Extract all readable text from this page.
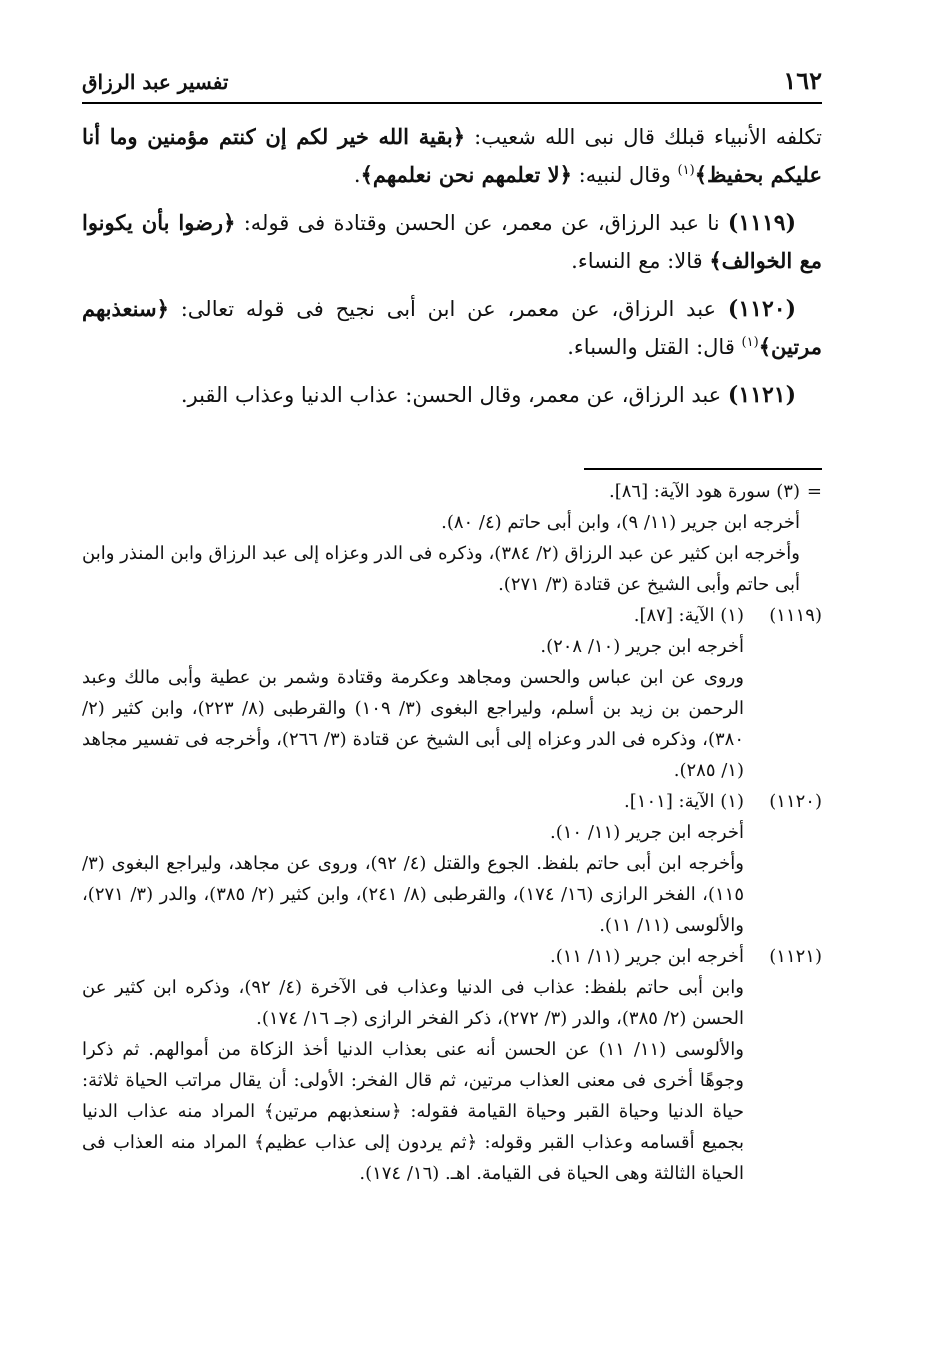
١٦٢
تفسير عبد الرزاق

تكلفه الأنبياء قبلك قال نبى الله شعيب: ﴿بقية الله خير لكم إن كنتم مؤمنين وما أنا عليكم بحفيظ﴾$^{(١)}$ وقال لنبيه: ﴿لا تعلمهم نحن نعلمهم﴾.

(١١١٩) نا عبد الرزاق، عن معمر، عن الحسن وقتادة فى قوله: ﴿رضوا بأن يكونوا مع الخوالف﴾ قالا: مع النساء.

(١١٢٠) عبد الرزاق، عن معمر، عن ابن أبى نجيح فى قوله تعالى: ﴿سنعذبهم مرتين﴾$^{(١)}$ قال: القتل والسباء.

(١١٢١) عبد الرزاق، عن معمر، وقال الحسن: عذاب الدنيا وعذاب القبر.

=
(٣) سورة هود الآية: [٨٦].
أخرجه ابن جرير (١١/ ٩)، وابن أبى حاتم (٤/ ٨٠).
وأخرجه ابن كثير عن عبد الرزاق (٢/ ٣٨٤)، وذكره فى الدر وعزاه إلى عبد الرزاق وابن المنذر وابن أبى حاتم وأبى الشيخ عن قتادة (٣/ ٢٧١).
(١١١٩)
(١) الآية: [٨٧].
أخرجه ابن جرير (١٠/ ٢٠٨).
وروى عن ابن عباس والحسن ومجاهد وعكرمة وقتادة وشمر بن عطية وأبى مالك وعبد الرحمن بن زيد بن أسلم، وليراجع البغوى (٣/ ١٠٩) والقرطبى (٨/ ٢٢٣)، وابن كثير (٢/ ٣٨٠)، وذكره فى الدر وعزاه إلى أبى الشيخ عن قتادة (٣/ ٢٦٦)، وأخرجه فى تفسير مجاهد (١/ ٢٨٥).
(١١٢٠)
(١) الآية: [١٠١].
أخرجه ابن جرير (١١/ ١٠).
وأخرجه ابن أبى حاتم بلفظ. الجوع والقتل (٤/ ٩٢)، وروى عن مجاهد، وليراجع البغوى (٣/ ١١٥)، الفخر الرازى (١٦/ ١٧٤)، والقرطبى (٨/ ٢٤١)، وابن كثير (٢/ ٣٨٥)، والدر (٣/ ٢٧١)، والألوسى (١١/ ١١).
(١١٢١)
أخرجه ابن جرير (١١/ ١١).
وابن أبى حاتم بلفظ: عذاب فى الدنيا وعذاب فى الآخرة (٤/ ٩٢)، وذكره ابن كثير عن الحسن (٢/ ٣٨٥)، والدر (٣/ ٢٧٢)، ذكر الفخر الرازى (جـ ١٦/ ١٧٤).
والألوسى (١١/ ١١) عن الحسن أنه عنى بعذاب الدنيا أخذ الزكاة من أموالهم. ثم ذكرا وجوهًا أخرى فى معنى العذاب مرتين، ثم قال الفخر: الأولى: أن يقال مراتب الحياة ثلاثة: حياة الدنيا وحياة القبر وحياة القيامة فقوله: ﴿سنعذبهم مرتين﴾ المراد منه عذاب الدنيا بجميع أقسامه وعذاب القبر وقوله: ﴿ثم يردون إلى عذاب عظيم﴾ المراد منه العذاب فى الحياة الثالثة وهى الحياة فى القيامة. اهـ. (١٦/ ١٧٤).
